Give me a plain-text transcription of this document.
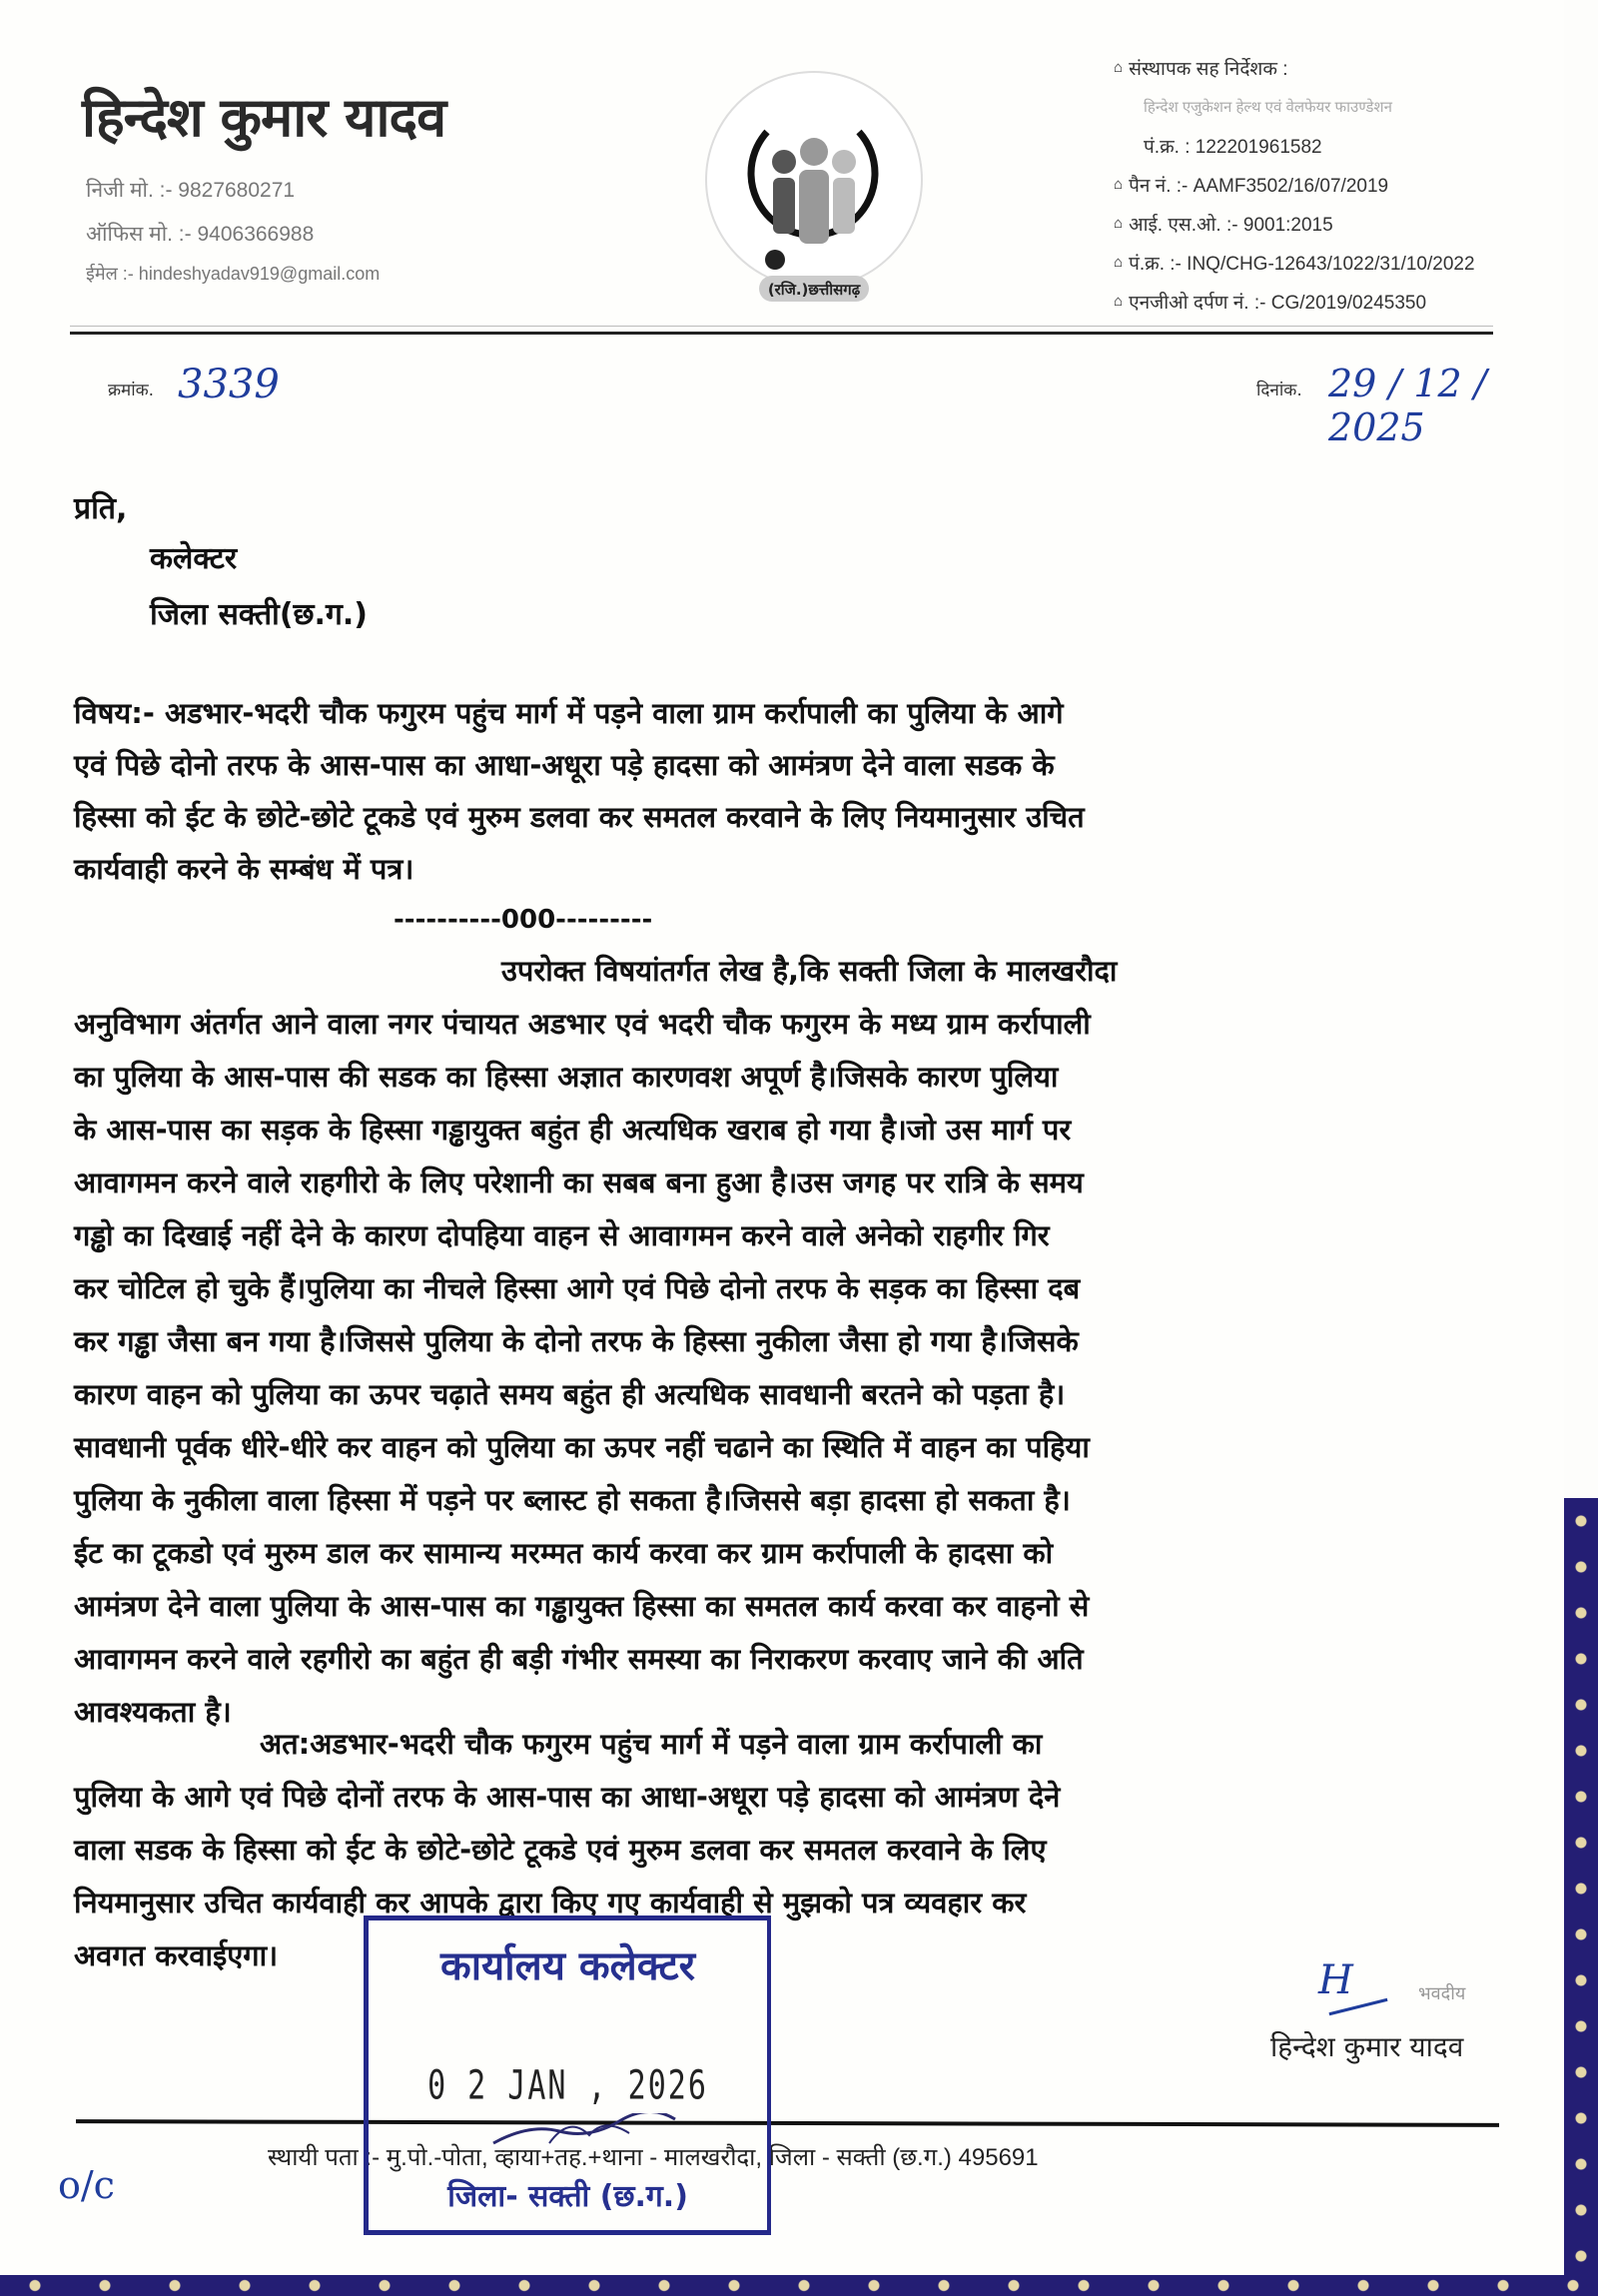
हिन्देश कुमार यादव
निजी मो. :- 9827680271
ऑफिस मो. :- 9406366988
ईमेल :- hindeshyadav919@gmail.com
(रजि.)छत्तीसगढ़
⌂ संस्थापक सह निर्देशक :
हिन्देश एजुकेशन हेल्थ एवं वेलफेयर फाउण्डेशन
पं.क्र. : 122201961582
⌂ पैन नं. :- AAMF3502/16/07/2019
⌂ आई. एस.ओ. :- 9001:2015
⌂ पं.क्र. :- INQ/CHG-12643/1022/31/10/2022
⌂ एनजीओ दर्पण नं. :- CG/2019/0245350
क्रमांक. 3339	दिनांक. 29 / 12 / 2025
प्रति,
कलेक्टर
जिला सक्ती(छ.ग.)
विषय:- अडभार-भदरी चौक फगुरम पहुंच मार्ग में पड़ने वाला ग्राम कर्रापाली का पुलिया के आगे
एवं पिछे दोनो तरफ के आस-पास का आधा-अधूरा पड़े हादसा को आमंत्रण देने वाला सडक के
हिस्सा को ईट के छोटे-छोटे टूकडे एवं मुरुम डलवा कर समतल करवाने के लिए नियमानुसार उचित
कार्यवाही करने के सम्बंध में पत्र।
----------000---------
उपरोक्त विषयांतर्गत लेख है,कि सक्ती जिला के मालखरौदा
अनुविभाग अंतर्गत आने वाला नगर पंचायत अडभार एवं भदरी चौक फगुरम के मध्य ग्राम कर्रापाली
का पुलिया के आस-पास की सडक का हिस्सा अज्ञात कारणवश अपूर्ण है।जिसके कारण पुलिया
के आस-पास का सड़क के हिस्सा गड्ढायुक्त बहुंत ही अत्यधिक खराब हो गया है।जो उस मार्ग पर
आवागमन करने वाले राहगीरो के लिए परेशानी का सबब बना हुआ है।उस जगह पर रात्रि के समय
गड्ढो का दिखाई नहीं देने के कारण दोपहिया वाहन से आवागमन करने वाले अनेको राहगीर गिर
कर चोटिल हो चुके हैं।पुलिया का नीचले हिस्सा आगे एवं पिछे दोनो तरफ के सड़क का हिस्सा दब
कर गड्ढा जैसा बन गया है।जिससे पुलिया के दोनो तरफ के हिस्सा नुकीला जैसा हो गया है।जिसके
कारण वाहन को पुलिया का ऊपर चढ़ाते समय बहुंत ही अत्यधिक सावधानी बरतने को पड़ता है।
सावधानी पूर्वक धीरे-धीरे कर वाहन को पुलिया का ऊपर नहीं चढाने का स्थिति में वाहन का पहिया
पुलिया के नुकीला वाला हिस्सा में पड़ने पर ब्लास्ट हो सकता है।जिससे बड़ा हादसा हो सकता है।
ईट का टूकडो एवं मुरुम डाल कर सामान्य मरम्मत कार्य करवा कर ग्राम कर्रापाली के हादसा को
आमंत्रण देने वाला पुलिया के आस-पास का गड्ढायुक्त हिस्सा का समतल कार्य करवा कर वाहनो से
आवागमन करने वाले रहगीरो का बहुंत ही बड़ी गंभीर समस्या का निराकरण करवाए जाने की अति
आवश्यकता है।
अत:अडभार-भदरी चौक फगुरम पहुंच मार्ग में पड़ने वाला ग्राम कर्रापाली का
पुलिया के आगे एवं पिछे दोनों तरफ के आस-पास का आधा-अधूरा पड़े हादसा को आमंत्रण देने
वाला सडक के हिस्सा को ईट के छोटे-छोटे टूकडे एवं मुरुम डलवा कर समतल करवाने के लिए
नियमानुसार उचित कार्यवाही कर आपके द्वारा किए गए कार्यवाही से मुझको पत्र व्यवहार कर
अवगत करवाईएगा।
H	भवदीय
हिन्देश कुमार यादव
स्थायी पता :- मु.पो.-पोता, व्हाया+तह.+थाना - मालखरौदा, जिला - सक्ती (छ.ग.) 495691
कार्यालय कलेक्टर
0 2 JAN , 2026
जिला- सक्ती (छ.ग.)
o/c
